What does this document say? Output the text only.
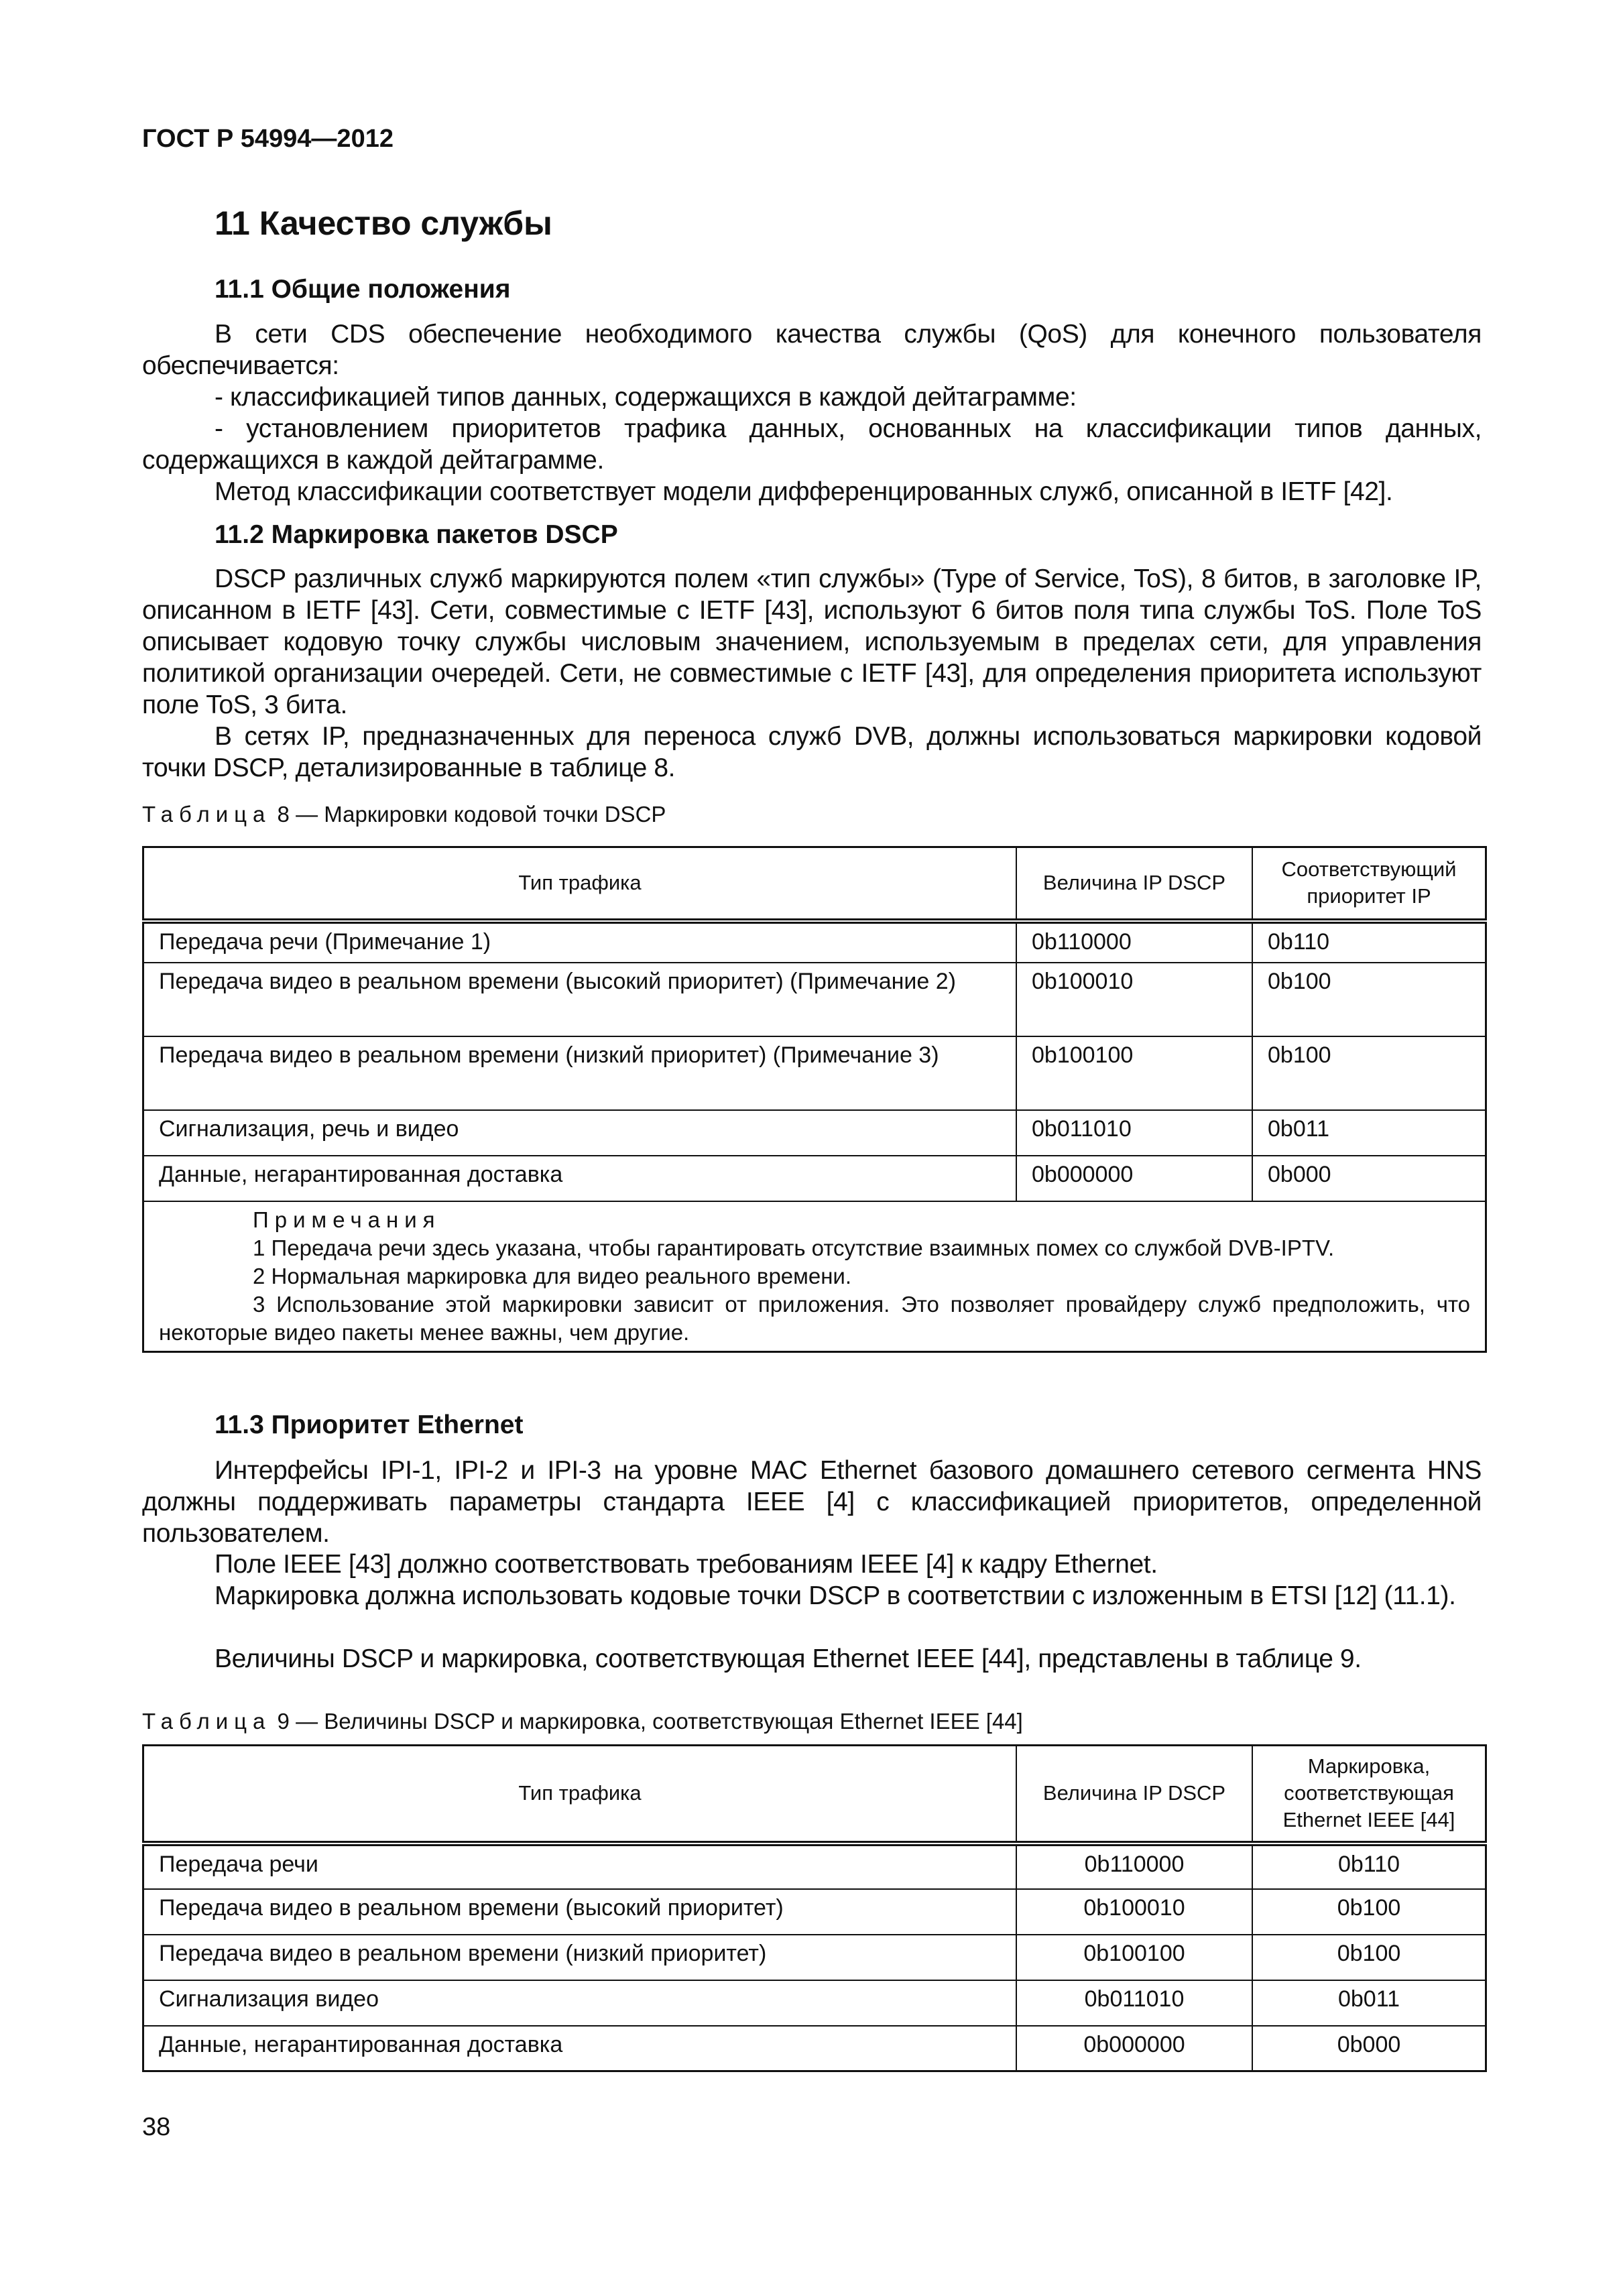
ГОСТ Р 54994—2012
11 Качество службы
11.1 Общие положения
В сети CDS обеспечение необходимого качества службы (QoS) для конечного пользователя обеспечивается:
- классификацией типов данных, содержащихся в каждой дейтаграмме:
- установлением приоритетов трафика данных, основанных на классификации типов данных, содержащихся в каждой дейтаграмме.
Метод классификации соответствует модели дифференцированных служб, описанной в IETF [42].
11.2 Маркировка пакетов DSCP
DSCP различных служб маркируются полем «тип службы» (Type of Service, ToS), 8 битов, в заголовке IP, описанном в IETF [43]. Сети, совместимые с IETF [43], используют 6 битов поля типа службы ToS. Поле ToS описывает кодовую точку службы числовым значением, используемым в пределах сети, для управления политикой организации очередей. Сети, не совместимые с IETF [43], для определения приоритета используют поле ToS, 3 бита.
В сетях IP, предназначенных для переноса служб DVB, должны использоваться маркировки кодовой точки DSCP, детализированные в таблице 8.
Таблица 8 — Маркировки кодовой точки DSCP
Тип трафика	Величина IP DSCP	Соответствующий приоритет IP
Передача речи (Примечание 1)	0b110000	0b110
Передача видео в реальном времени (высокий приоритет) (Примечание 2)	0b100010	0b100
Передача видео в реальном времени (низкий приоритет) (Примечание 3)	0b100100	0b100
Сигнализация, речь и видео	0b011010	0b011
Данные, негарантированная доставка	0b000000	0b000

Примечания
1 Передача речи здесь указана, чтобы гарантировать отсутствие взаимных помех со службой DVB-IPTV.
2 Нормальная маркировка для видео реального времени.
3 Использование этой маркировки зависит от приложения. Это позволяет провайдеру служб предположить, что некоторые видео пакеты менее важны, чем другие.		
11.3 Приоритет Ethernet
Интерфейсы IPI-1, IPI-2 и IPI-3 на уровне MAC Ethernet базового домашнего сетевого сегмента HNS должны поддерживать параметры стандарта IEEE [4] с классификацией приоритетов, определенной пользователем.
Поле IEEE [43] должно соответствовать требованиям IEEE [4] к кадру Ethernet.
Маркировка должна использовать кодовые точки DSCP в соответствии с изложенным в ETSI [12] (11.1).
Величины DSCP и маркировка, соответствующая Ethernet IEEE [44], представлены в таблице 9.
Таблица 9 — Величины DSCP и маркировка, соответствующая Ethernet IEEE [44]
Тип трафика	Величина IP DSCP	Маркировка, соответствующая Ethernet IEEE [44]
Передача речи	0b110000	0b110
Передача видео в реальном времени (высокий приоритет)	0b100010	0b100
Передача видео в реальном времени (низкий приоритет)	0b100100	0b100
Сигнализация видео	0b011010	0b011
Данные, негарантированная доставка	0b000000	0b000
38
